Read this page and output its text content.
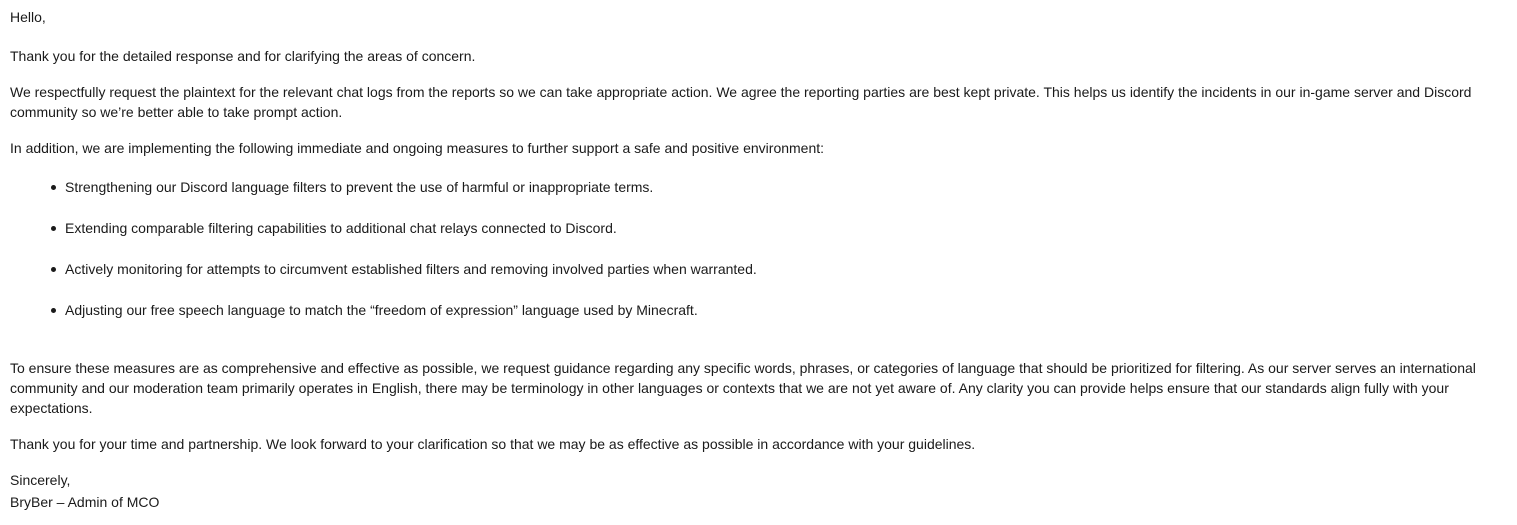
Hello,

Thank you for the detailed response and for clarifying the areas of concern.

We respectfully request the plaintext for the relevant chat logs from the reports so we can take appropriate action. We agree the reporting parties are best kept private. This helps us identify the incidents in our in-game server and Discord community so we’re better able to take prompt action.

In addition, we are implementing the following immediate and ongoing measures to further support a safe and positive environment:

Strengthening our Discord language filters to prevent the use of harmful or inappropriate terms.
Extending comparable filtering capabilities to additional chat relays connected to Discord.
Actively monitoring for attempts to circumvent established filters and removing involved parties when warranted.
Adjusting our free speech language to match the “freedom of expression” language used by Minecraft.

To ensure these measures are as comprehensive and effective as possible, we request guidance regarding any specific words, phrases, or categories of language that should be prioritized for filtering. As our server serves an international community and our moderation team primarily operates in English, there may be terminology in other languages or contexts that we are not yet aware of. Any clarity you can provide helps ensure that our standards align fully with your expectations.

Thank you for your time and partnership. We look forward to your clarification so that we may be as effective as possible in accordance with your guidelines.

Sincerely,

BryBer – Admin of MCO
